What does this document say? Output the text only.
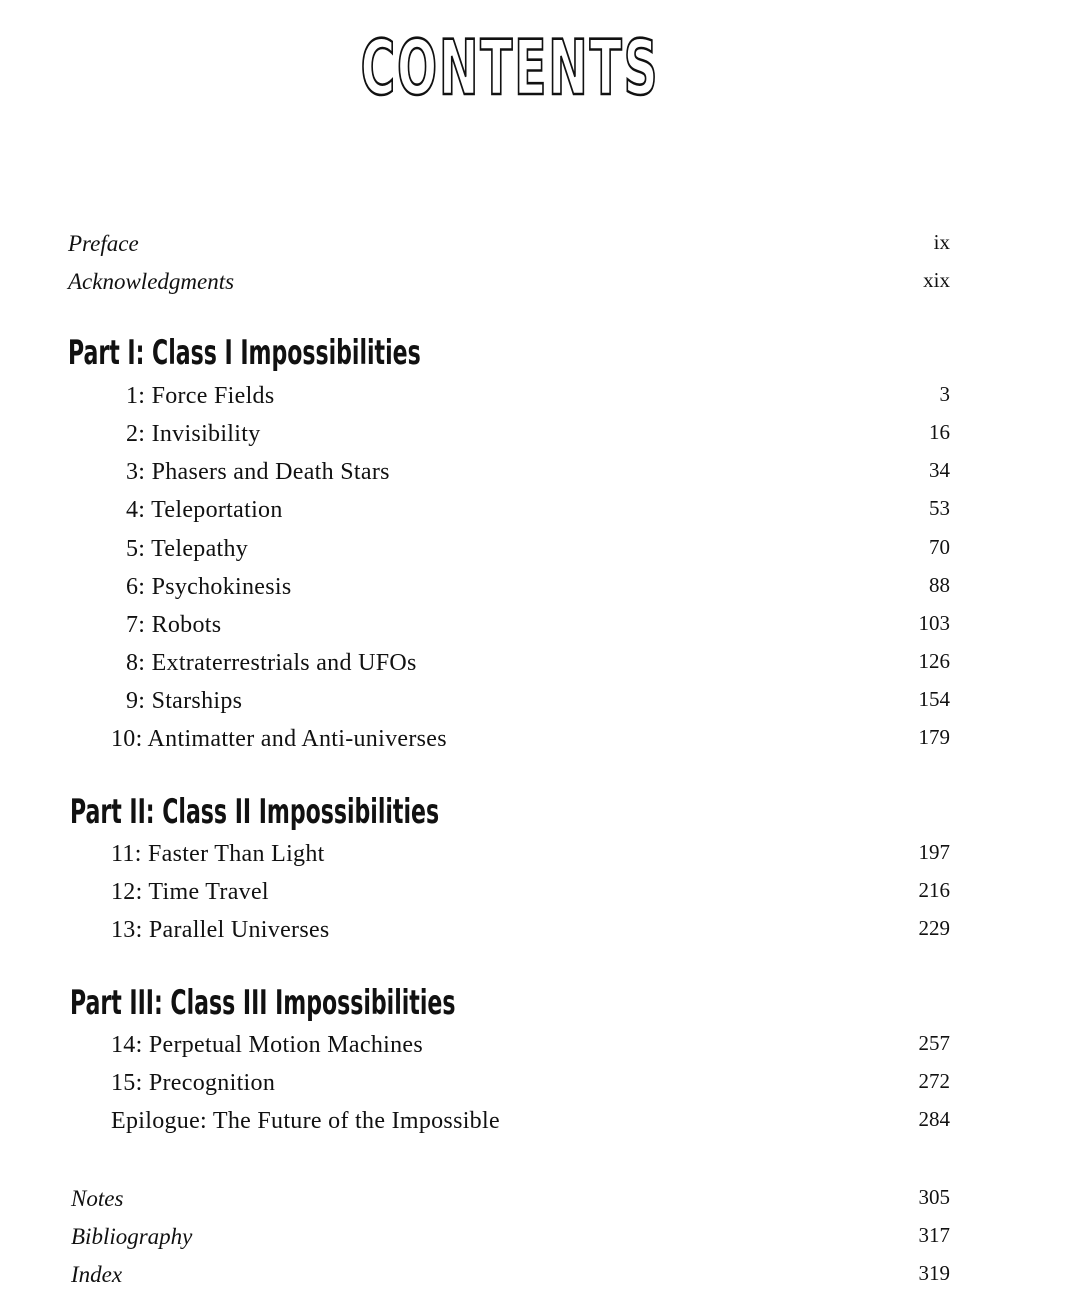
CONTENTS
Preface	ix
Acknowledgments	xix
Part I: Class I Impossibilities
1: Force Fields	3
2: Invisibility	16
3: Phasers and Death Stars	34
4: Teleportation	53
5: Telepathy	70
6: Psychokinesis	88
7: Robots	103
8: Extraterrestrials and UFOs	126
9: Starships	154
10: Antimatter and Anti-universes	179
Part II: Class II Impossibilities
11: Faster Than Light	197
12: Time Travel	216
13: Parallel Universes	229
Part III: Class III Impossibilities
14: Perpetual Motion Machines	257
15: Precognition	272
Epilogue: The Future of the Impossible	284
Notes	305
Bibliography	317
Index	319
